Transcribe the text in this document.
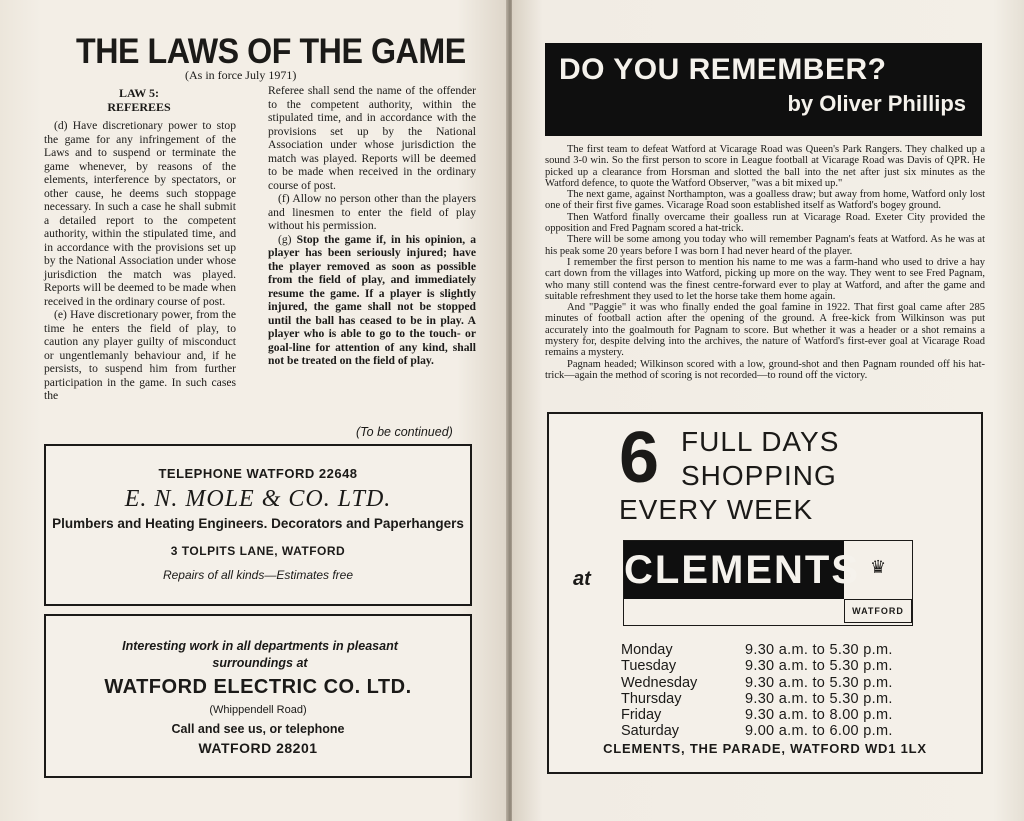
THE LAWS OF THE GAME
(As in force July 1971)
LAW 5:
REFEREES

(d) Have discretionary power to stop the game for any infringement of the Laws and to suspend or terminate the game whenever, by reasons of the elements, interference by spectators, or other cause, he deems such stoppage necessary. In such a case he shall submit a detailed report to the competent authority, within the stipulated time, and in accordance with the provisions set up by the National Association under whose jurisdiction the match was played. Reports will be deemed to be made when received in the ordinary course of post.

(e) Have discretionary power, from the time he enters the field of play, to caution any player guilty of misconduct or ungentlemanly behaviour and, if he persists, to suspend him from further participation in the game. In such cases the

Referee shall send the name of the offender to the competent authority, within the stipulated time, and in accordance with the provisions set up by the National Association under whose jurisdiction the match was played. Reports will be deemed to be made when received in the ordinary course of post.

(f) Allow no person other than the players and linesmen to enter the field of play without his permission.

(g) Stop the game if, in his opinion, a player has been seriously injured; have the player removed as soon as possible from the field of play, and immediately resume the game. If a player is slightly injured, the game shall not be stopped until the ball has ceased to be in play. A player who is able to go to the touch- or goal-line for attention of any kind, shall not be treated on the field of play.

(To be continued)
TELEPHONE WATFORD 22648
E. N. MOLE & CO. LTD.
Plumbers and Heating Engineers. Decorators and Paperhangers
3 TOLPITS LANE, WATFORD
Repairs of all kinds—Estimates free
Interesting work in all departments in pleasant surroundings at
WATFORD ELECTRIC CO. LTD.
(Whippendell Road)
Call and see us, or telephone
WATFORD 28201
DO YOU REMEMBER?
by Oliver Phillips

The first team to defeat Watford at Vicarage Road was Queen's Park Rangers. They chalked up a sound 3-0 win. So the first person to score in League football at Vicarage Road was Davis of QPR. He picked up a clearance from Horsman and slotted the ball into the net after just six minutes as the Watford defence, to quote the Watford Observer, "was a bit mixed up."

The next game, against Northampton, was a goalless draw; but away from home, Watford only lost one of their first five games. Vicarage Road soon established itself as Watford's bogey ground.

Then Watford finally overcame their goalless run at Vicarage Road. Exeter City provided the opposition and Fred Pagnam scored a hat-trick.

There will be some among you today who will remember Pagnam's feats at Watford. As he was at his peak some 20 years before I was born I had never heard of the player.

I remember the first person to mention his name to me was a farm-hand who used to drive a hay cart down from the villages into Watford, picking up more on the way. They went to see Fred Pagnam, who many still contend was the finest centre-forward ever to play at Watford, and after the game and suitable refreshment they used to let the horse take them home again.

And "Paggie" it was who finally ended the goal famine in 1922. That first goal came after 285 minutes of football action after the opening of the ground. A free-kick from Wilkinson was put accurately into the goalmouth for Pagnam to score. But whether it was a header or a shot remains a mystery for, despite delving into the archives, the nature of Watford's first-ever goal at Vicarage Road remains a mystery.

Pagnam headed; Wilkinson scored with a low, ground-shot and then Pagnam rounded off his hat-trick—again the method of scoring is not recorded—to round off the victory.

6 FULL DAYS
SHOPPING
EVERY WEEK
at CLEMENTS ♛
WATFORD
Monday	9.30 a.m. to 5.30 p.m.
Tuesday	9.30 a.m. to 5.30 p.m.
Wednesday	9.30 a.m. to 5.30 p.m.
Thursday	9.30 a.m. to 5.30 p.m.
Friday	9.30 a.m. to 8.00 p.m.
Saturday	9.00 a.m. to 6.00 p.m.
CLEMENTS, THE PARADE, WATFORD WD1 1LX
